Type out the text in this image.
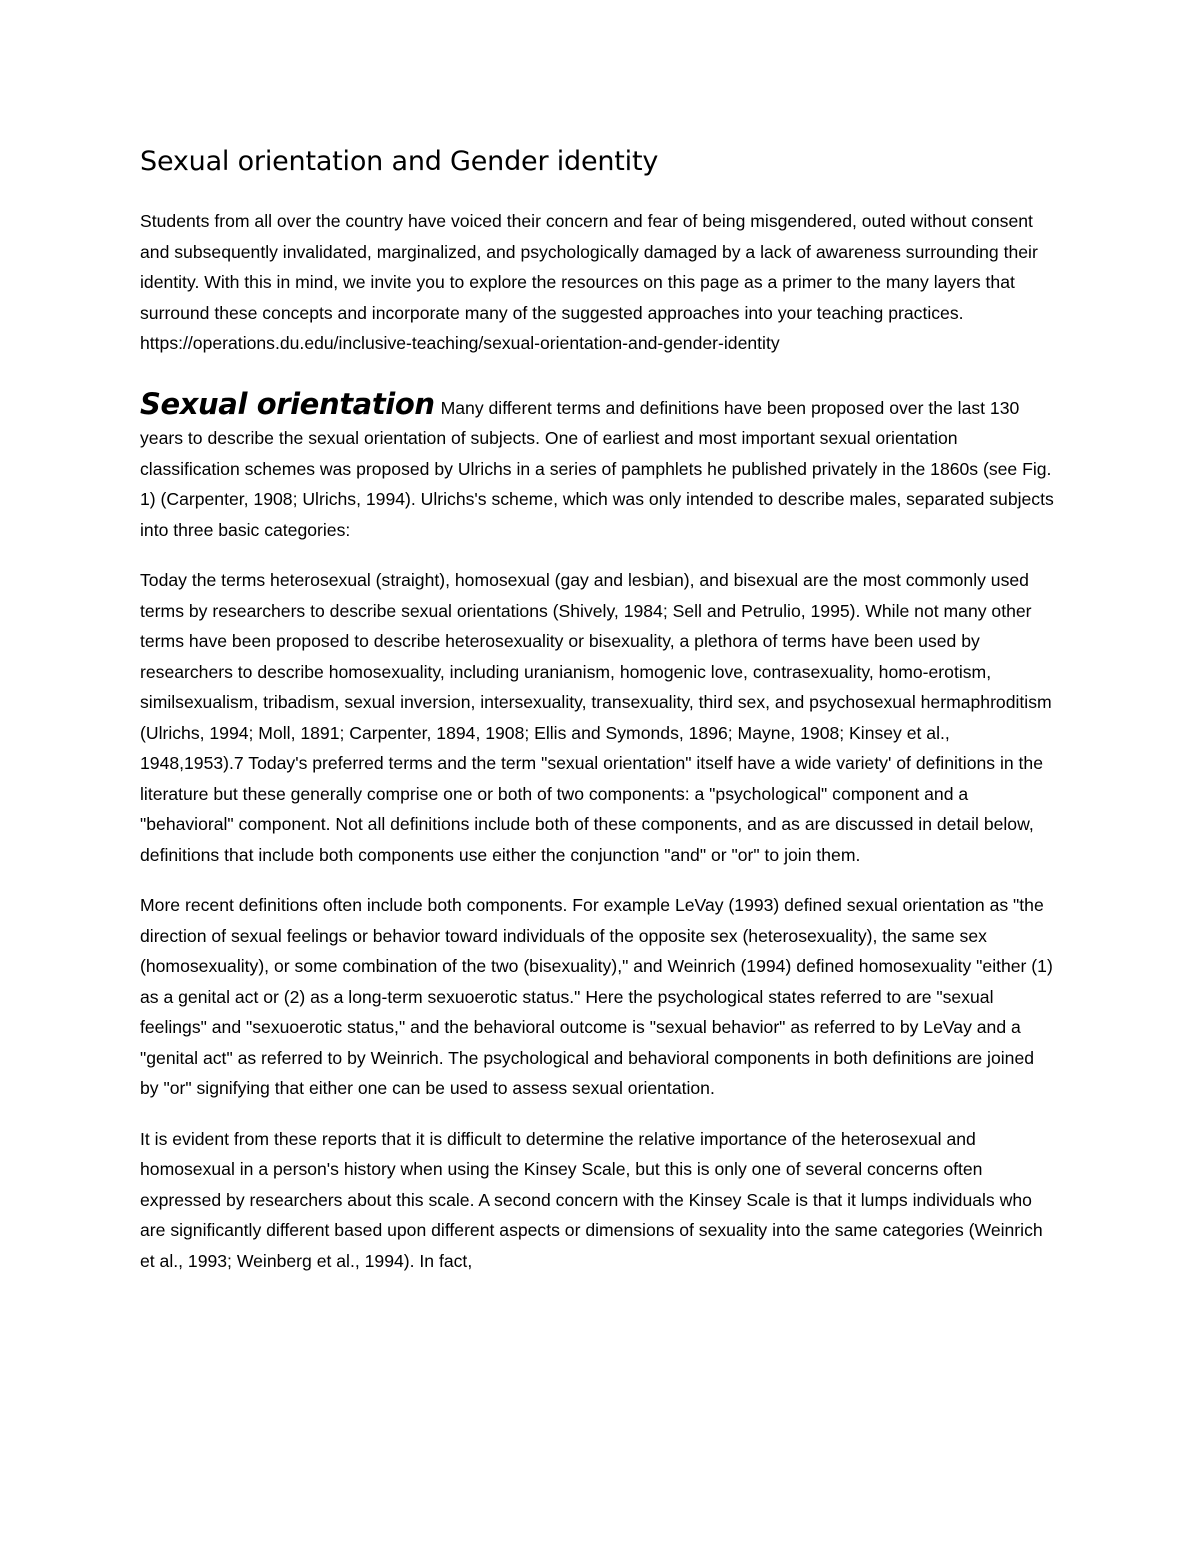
Sexual orientation and Gender identity

Students from all over the country have voiced their concern and fear of being misgendered, outed without consent and subsequently invalidated, marginalized, and psychologically damaged by a lack of awareness surrounding their identity. With this in mind, we invite you to explore the resources on this page as a primer to the many layers that surround these concepts and incorporate many of the suggested approaches into your teaching practices. https://operations.du.edu/inclusive-teaching/sexual-orientation-and-gender-identity

Sexual orientation Many different terms and definitions have been proposed over the last 130 years to describe the sexual orientation of subjects. One of earliest and most important sexual orientation classification schemes was proposed by Ulrichs in a series of pamphlets he published privately in the 1860s (see Fig. 1) (Carpenter, 1908; Ulrichs, 1994). Ulrichs's scheme, which was only intended to describe males, separated subjects into three basic categories:

Today the terms heterosexual (straight), homosexual (gay and lesbian), and bisexual are the most commonly used terms by researchers to describe sexual orientations (Shively, 1984; Sell and Petrulio, 1995). While not many other terms have been proposed to describe heterosexuality or bisexuality, a plethora of terms have been used by researchers to describe homosexuality, including uranianism, homogenic love, contrasexuality, homo-erotism, similsexualism, tribadism, sexual inversion, intersexuality, transexuality, third sex, and psychosexual hermaphroditism (Ulrichs, 1994; Moll, 1891; Carpenter, 1894, 1908; Ellis and Symonds, 1896; Mayne, 1908; Kinsey et al., 1948,1953).7 Today's preferred terms and the term "sexual orientation" itself have a wide variety' of definitions in the literature but these generally comprise one or both of two components: a "psychological" component and a "behavioral" component. Not all definitions include both of these components, and as are discussed in detail below, definitions that include both components use either the conjunction "and" or "or" to join them.

More recent definitions often include both components. For example LeVay (1993) defined sexual orientation as "the direction of sexual feelings or behavior toward individuals of the opposite sex (heterosexuality), the same sex (homosexuality), or some combination of the two (bisexuality)," and Weinrich (1994) defined homosexuality "either (1) as a genital act or (2) as a long-term sexuoerotic status." Here the psychological states referred to are "sexual feelings" and "sexuoerotic status," and the behavioral outcome is "sexual behavior" as referred to by LeVay and a "genital act" as referred to by Weinrich. The psychological and behavioral components in both definitions are joined by "or" signifying that either one can be used to assess sexual orientation.

It is evident from these reports that it is difficult to determine the relative importance of the heterosexual and homosexual in a person's history when using the Kinsey Scale, but this is only one of several concerns often expressed by researchers about this scale. A second concern with the Kinsey Scale is that it lumps individuals who are significantly different based upon different aspects or dimensions of sexuality into the same categories (Weinrich et al., 1993; Weinberg et al., 1994). In fact,
